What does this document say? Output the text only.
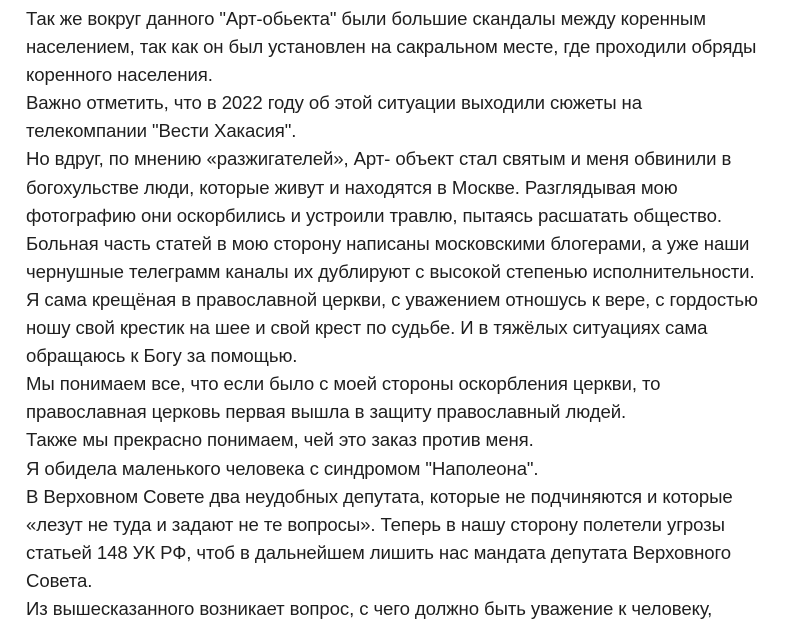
Так же вокруг данного "Арт-обьекта" были большие скандалы между коренным
населением, так как он был установлен на сакральном месте, где проходили обряды
коренного населения.
Важно отметить, что в 2022 году об этой ситуации выходили сюжеты на
телекомпании "Вести Хакасия".
Но вдруг, по мнению «разжигателей», Арт- объект стал святым и меня обвинили в
богохульстве люди, которые живут и находятся в Москве. Разглядывая мою
фотографию они оскорбились и устроили травлю, пытаясь расшатать общество.
Больная часть статей в мою сторону написаны московскими блогерами, а уже наши
чернушные телеграмм каналы их дублируют с высокой степенью исполнительности.
Я сама крещёная в православной церкви, с уважением отношусь к вере, с гордостью
ношу свой крестик на шее и свой крест по судьбе. И в тяжёлых ситуациях сама
обращаюсь к Богу за помощью.
Мы понимаем все, что если было с моей стороны оскорбления церкви, то
православная церковь первая вышла в защиту православный людей.
Также мы прекрасно понимаем, чей это заказ против меня.
Я обидела маленького человека с синдромом "Наполеона".
В Верховном Совете два неудобных депутата, которые не подчиняются и которые
«лезут не туда и задают не те вопросы». Теперь в нашу сторону полетели угрозы
статьей 148 УК РФ, чтоб в дальнейшем лишить нас мандата депутата Верховного
Совета.
Из вышесказанного возникает вопрос, с чего должно быть уважение к человеку,
